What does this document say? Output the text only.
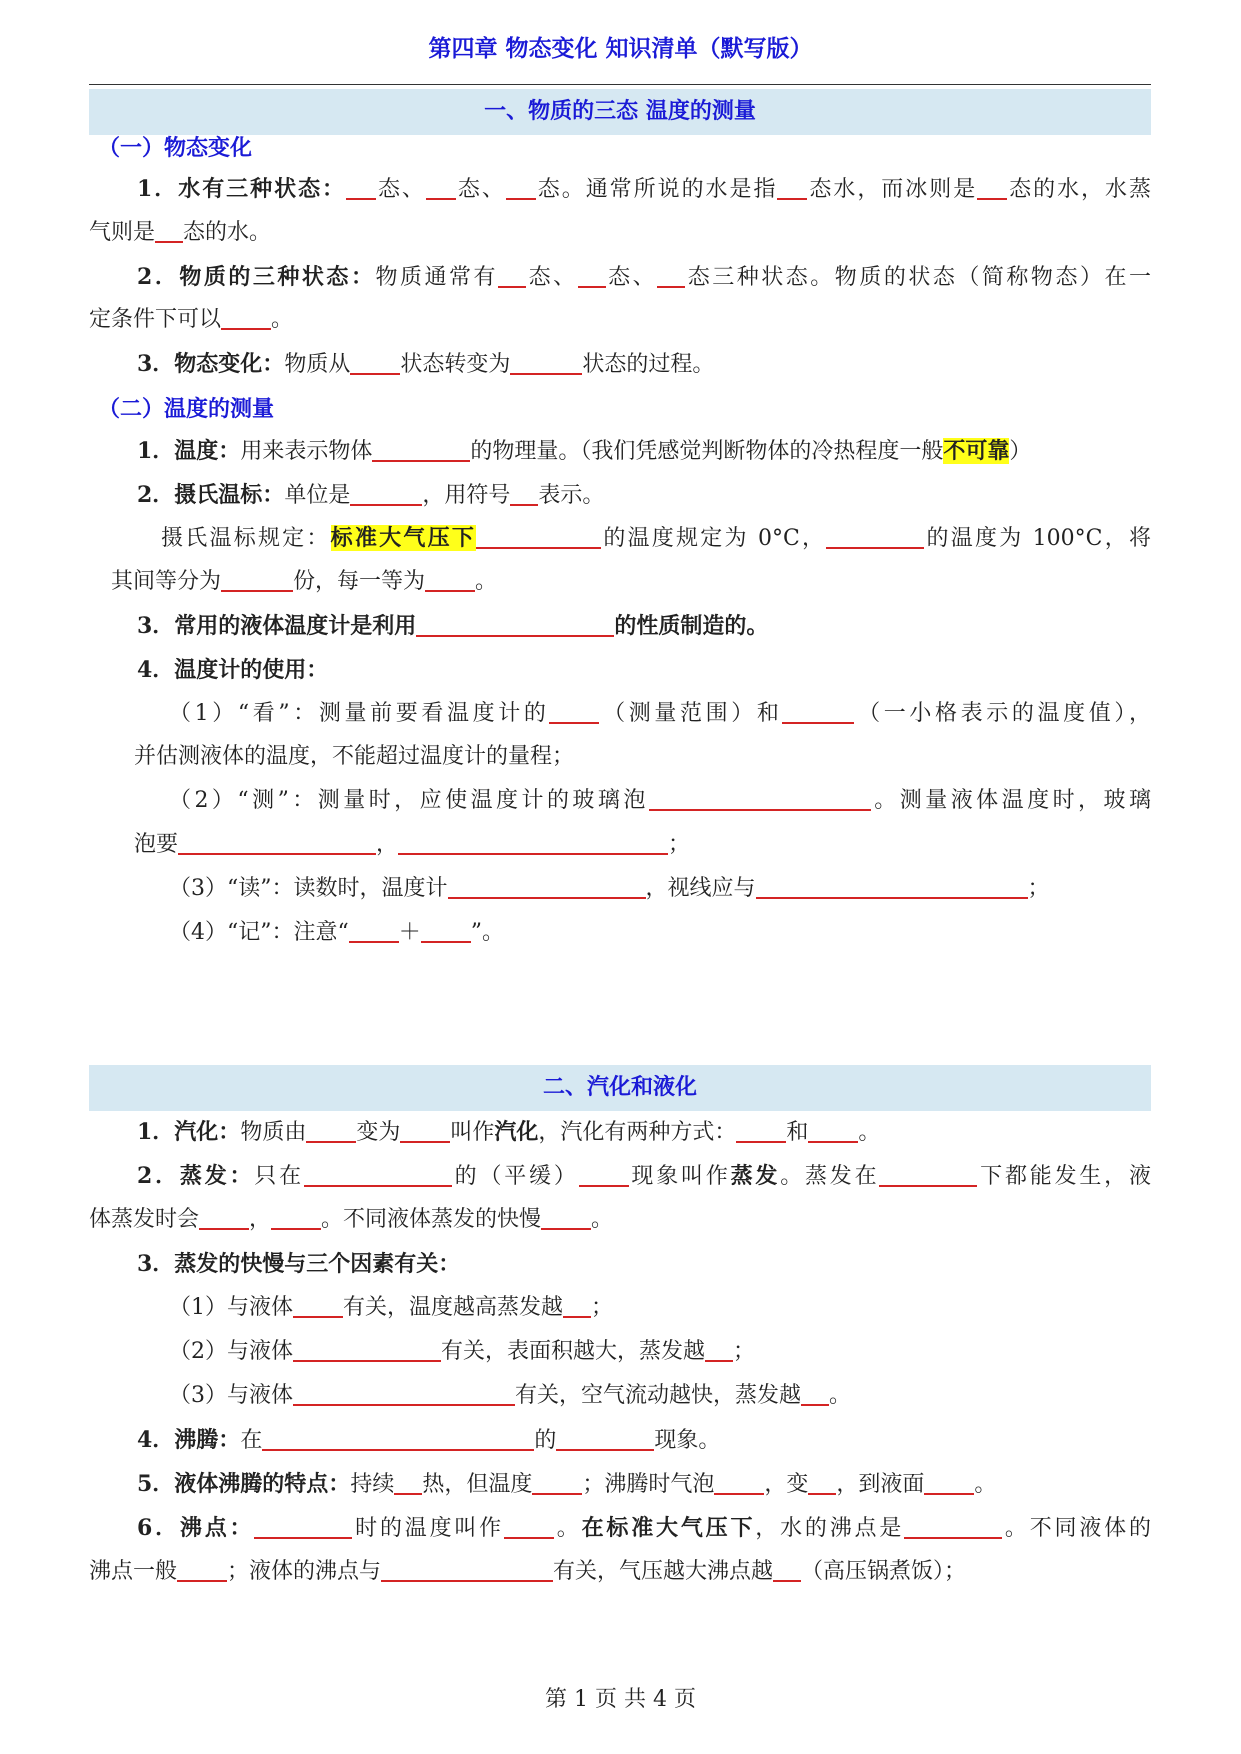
第四章 物态变化 知识清单（默写版）
一、物质的三态 温度的测量
（一）物态变化
1．水有三种状态： 态、 态、 态。通常所说的水是指 态水，而冰则是 态的水，水蒸
气则是 态的水。
2．物质的三种状态：物质通常有 态、 态、 态三种状态。物质的状态（简称物态）在一
定条件下可以 。
3．物态变化：物质从 状态转变为	状态的过程。
（二）温度的测量
1．温度：用来表示物体	的物理量。（我们凭感觉判断物体的冷热程度一般不可靠）
2．摄氏温标：单位是	，用符号 表示。
摄氏温标规定：标准大气压下	的温度规定为 0°C，	的温度为 100°C，将
其间等分为	份，每一等为 。
3．常用的液体温度计是利用	的性质制造的。
4．温度计的使用：
（1）“看”：测量前要看温度计的 （测量范围）和	（一小格表示的温度值），
并估测液体的温度，不能超过温度计的量程；
（2）“测”：测量时，应使温度计的玻璃泡	。测量液体温度时，玻璃
泡要	，	；
（3）“读”：读数时，温度计	，视线应与	；
（4）“记”：注意“ ＋ ”。
二、汽化和液化
1．汽化：物质由 变为 叫作汽化，汽化有两种方式： 和 。
2．蒸发：只在	的（平缓） 现象叫作蒸发。蒸发在	下都能发生，液
体蒸发时会 ， 。不同液体蒸发的快慢 。
3．蒸发的快慢与三个因素有关：
（1）与液体 有关，温度越高蒸发越 ；
（2）与液体	有关，表面积越大，蒸发越 ；
（3）与液体	有关，空气流动越快，蒸发越 。
4．沸腾：在	的	现象。
5．液体沸腾的特点：持续 热，但温度 ；沸腾时气泡 ，变 ，到液面 。
6．沸点：	时的温度叫作 。在标准大气压下，水的沸点是	。不同液体的
沸点一般 ；液体的沸点与	有关，气压越大沸点越 （高压锅煮饭）；
第 1 页 共 4 页
